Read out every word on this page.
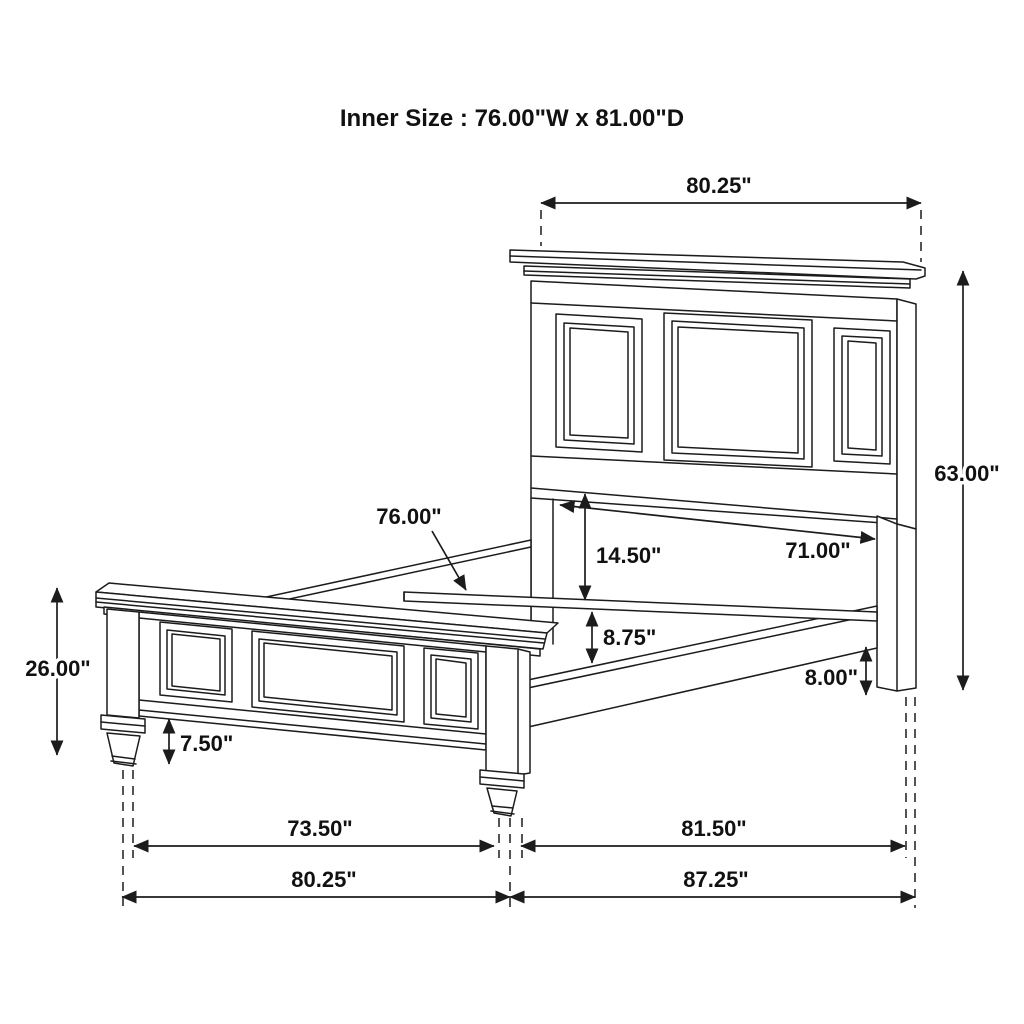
80.25"
63.00"
26.00"
76.00"
14.50"	71.00"
8.75"
8.00"
7.50"
73.50"	81.50"
80.25"	87.25"
Inner Size : 76.00"W x 81.00"D
